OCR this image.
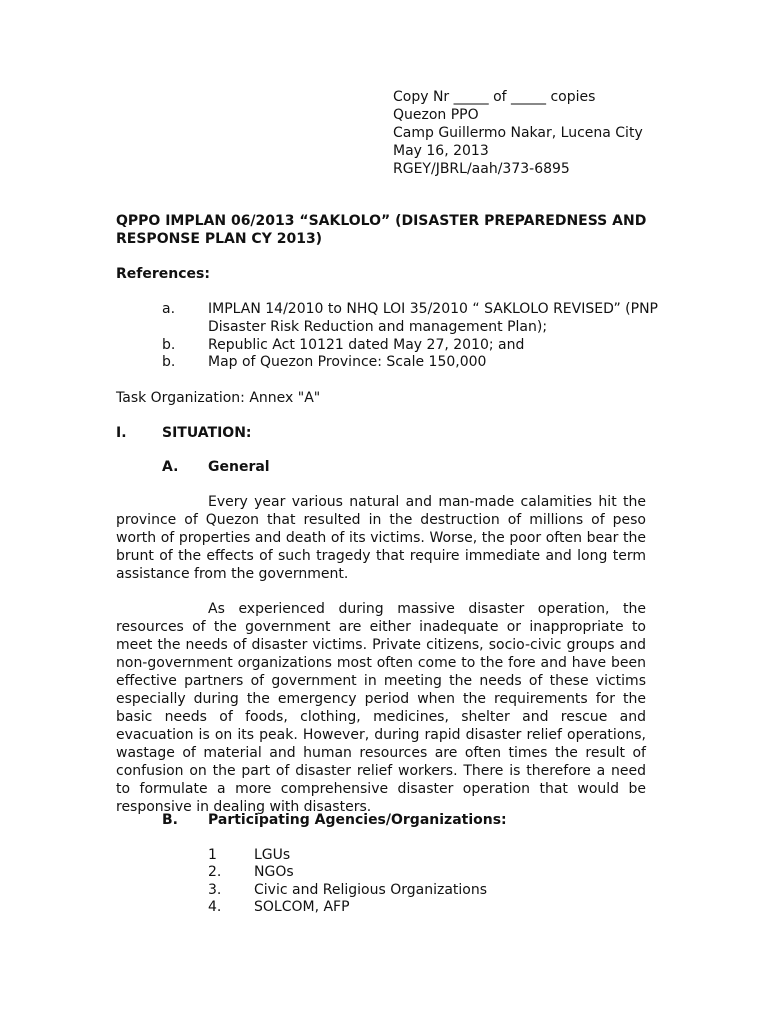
Copy Nr _____ of _____ copies
Quezon PPO
Camp Guillermo Nakar, Lucena City
May 16, 2013
RGEY/JBRL/aah/373-6895
QPPO IMPLAN 06/2013 “SAKLOLO” (DISASTER PREPAREDNESS AND
RESPONSE PLAN CY 2013)
References:
a. IMPLAN 14/2010 to NHQ LOI 35/2010 “ SAKLOLO REVISED” (PNP
Disaster Risk Reduction and management Plan);
b. Republic Act 10121 dated May 27, 2010; and
b. Map of Quezon Province: Scale 150,000
Task Organization: Annex "A"
I.	SITUATION:
A. General
Every year various natural and man-made calamities hit the province of Quezon that resulted in the destruction of millions of peso worth of properties and death of its victims. Worse, the poor often bear the brunt of the effects of such tragedy that require immediate and long term assistance from the government.
As experienced during massive disaster operation, the resources of the government are either inadequate or inappropriate to meet the needs of disaster victims. Private citizens, socio-civic groups and non-government organizations most often come to the fore and have been effective partners of government in meeting the needs of these victims especially during the emergency period when the requirements for the basic needs of foods, clothing, medicines, shelter and rescue and evacuation is on its peak. However, during rapid disaster relief operations, wastage of material and human resources are often times the result of confusion on the part of disaster relief workers. There is therefore a need to formulate a more comprehensive disaster operation that would be responsive in dealing with disasters.
B. Participating Agencies/Organizations:
1	LGUs
2. NGOs
3. Civic and Religious Organizations
4. SOLCOM, AFP
